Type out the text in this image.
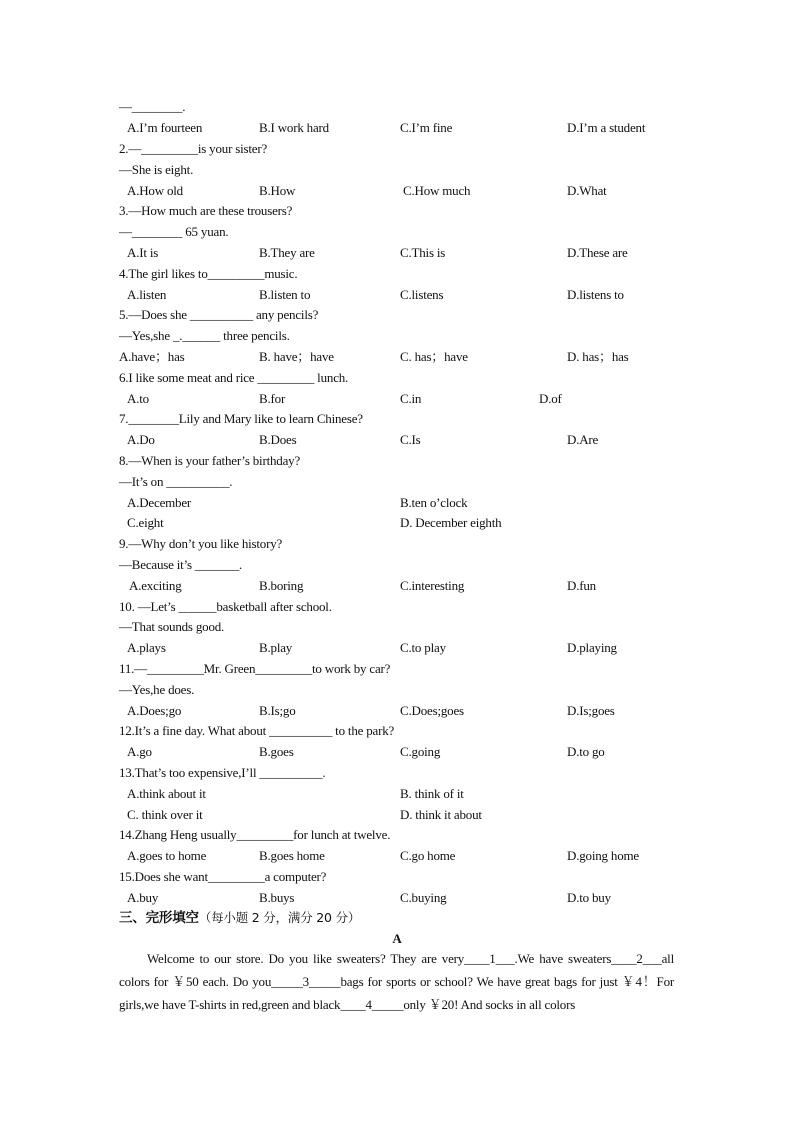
—________.
A.I’m fourteen	B.I work hard	C.I’m fine	D.I’m a student
2.—_________is your sister?
—She is eight.
A.How old	B.How	C.How much	D.What
3.—How much are these trousers?
—________ 65 yuan.
A.It is	B.They are	C.This is	D.These are
4.The girl likes to_________music.
A.listen	B.listen to	C.listens	D.listens to
5.—Does she __________ any pencils?
—Yes,she _.______ three pencils.
A.have；has	B. have；have	C. has；have	D. has；has
6.I like some meat and rice _________ lunch.
A.to	B.for	C.in	D.of
7.________Lily and Mary like to learn Chinese?
A.Do	B.Does	C.Is	D.Are
8.—When is your father’s birthday?
—It’s on __________.
A.December	B.ten o’clock
C.eight	D. December eighth
9.—Why don’t you like history?
—Because it’s _______.
A.exciting	B.boring	C.interesting	D.fun
10. —Let’s ______basketball after school.
—That sounds good.
A.plays	B.play	C.to play	D.playing
11.—_________Mr. Green_________to work by car?
—Yes,he does.
A.Does;go	B.Is;go	C.Does;goes	D.Is;goes
12.It’s a fine day. What about __________ to the park?
A.go	B.goes	C.going	D.to go
13.That’s too expensive,I’ll __________.
A.think about it	B. think of it
C. think over it	D. think it about
14.Zhang Heng usually_________for lunch at twelve.
A.goes to home	B.goes home	C.go home	D.going home
15.Does she want_________a computer?
A.buy	B.buys	C.buying	D.to buy
三、完形填空（每小题 2 分，满分 20 分）
A
Welcome to our store. Do you like sweaters? They are very____1___.We have sweaters____2___all colors for ￥50 each. Do you_____3_____bags for sports or school? We have great bags for just ￥4！For girls,we have T-shirts in red,green and black____4_____only ￥20! And socks in all colors
